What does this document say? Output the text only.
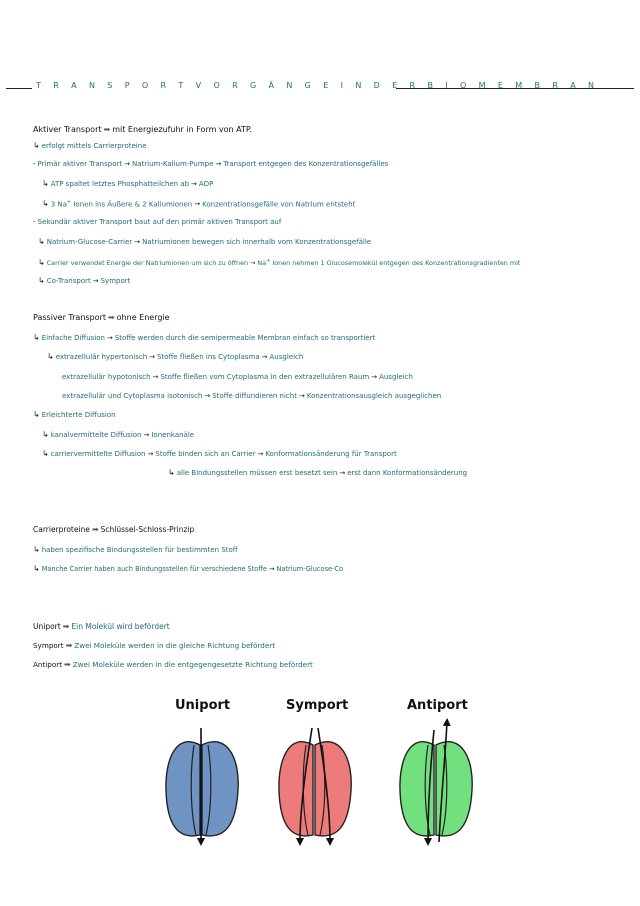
T R A N S P O R T V O R G Ä N G E I N D E R B I O M E M B R A N
Aktiver Transport ➡ mit Energiezufuhr in Form von ATP.
↳ erfolgt mittels Carrierproteine
- Primär aktiver Transport → Natrium-Kalium-Pumpe → Transport entgegen des Konzentrationsgefälles
↳ ATP spaltet letztes Phosphatteilchen ab → ADP
↳ 3 Na+ Ionen ins Äußere & 2 Kaliumionen → Konzentrationsgefälle von Natrium entsteht
- Sekundär aktiver Transport baut auf den primär aktiven Transport auf
↳ Natrium-Glucose-Carrier → Natriumionen bewegen sich innerhalb vom Konzentrationsgefälle
↳ Carrier verwendet Energie der Natriumionen um sich zu öffnen → Na+ Ionen nehmen 1 Glucosemolekül entgegen des Konzentrationsgradienten mit
↳ Co-Transport → Symport
Passiver Transport ➡ ohne Energie
↳ Einfache Diffusion → Stoffe werden durch die semipermeable Membran einfach so transportiert
↳ extrazellulär hypertonisch → Stoffe fließen ins Cytoplasma → Ausgleich
extrazellulär hypotonisch → Stoffe fließen vom Cytoplasma in den extrazellulären Raum → Ausgleich
extrazellulär und Cytoplasma isotonisch → Stoffe diffundieren nicht → Konzentrationsausgleich ausgeglichen
↳ Erleichterte Diffusion
↳ kanalvermittelte Diffusion → Ionenkanäle
↳ carriervermittelte Diffusion → Stoffe binden sich an Carrier → Konformationsänderung für Transport
↳ alle Bindungsstellen müssen erst besetzt sein → erst dann Konformationsänderung
Carrierproteine ➡ Schlüssel-Schloss-Prinzip
↳ haben spezifische Bindungsstellen für bestimmten Stoff
↳ Manche Carrier haben auch Bindungsstellen für verschiedene Stoffe → Natrium-Glucose-Co
Uniport ➡ Ein Molekül wird befördert
Symport ➡ Zwei Moleküle werden in die gleiche Richtung befördert
Antiport ➡ Zwei Moleküle werden in die entgegengesetzte Richtung befördert
Uniport	Symport	Antiport
